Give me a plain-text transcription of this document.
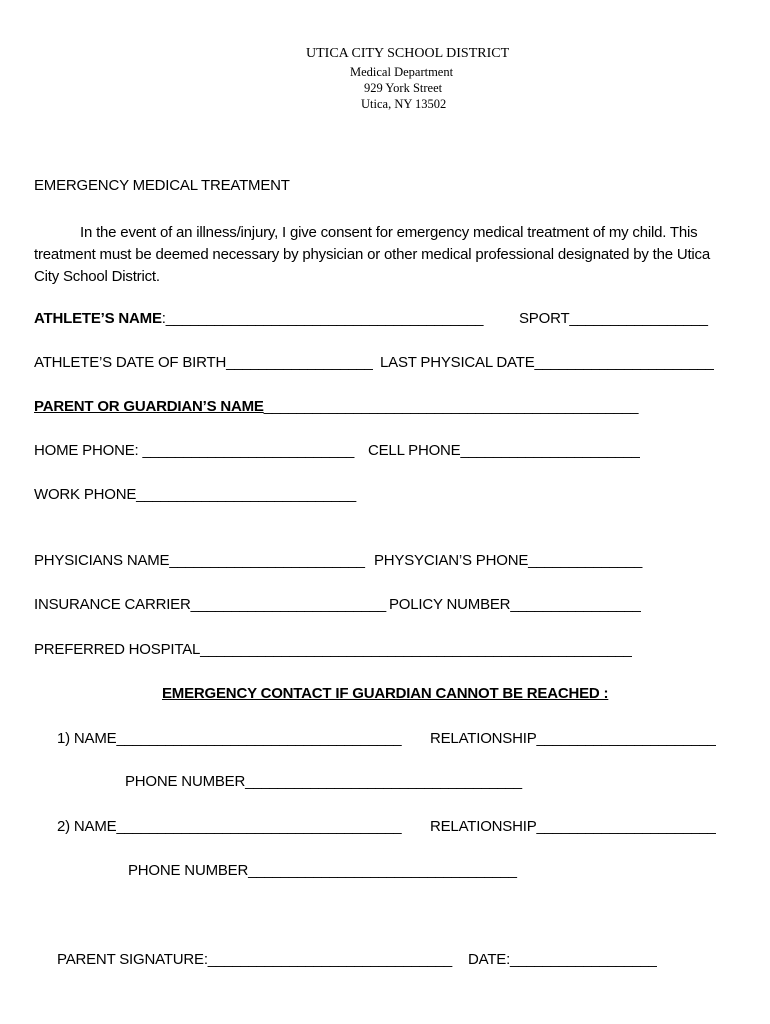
UTICA CITY SCHOOL DISTRICT
Medical Department
929 York Street
Utica, NY 13502
EMERGENCY MEDICAL TREATMENT
In the event of an illness/injury, I give consent for emergency medical treatment of my child. This treatment must be deemed necessary by physician or other medical professional designated by the Utica City School District.
ATHLETE’S NAME:_______________________________________ SPORT_________________
ATHLETE’S DATE OF BIRTH__________________ LAST PHYSICAL DATE______________________
PARENT OR GUARDIAN’S NAME______________________________________________
HOME PHONE: __________________________ CELL PHONE______________________
WORK PHONE___________________________
PHYSICIANS NAME________________________ PHYSYCIAN’S PHONE______________
INSURANCE CARRIER________________________ POLICY NUMBER________________
PREFERRED HOSPITAL_____________________________________________________
EMERGENCY CONTACT IF GUARDIAN CANNOT BE REACHED :
1) NAME___________________________________ RELATIONSHIP______________________
PHONE NUMBER__________________________________
2) NAME___________________________________ RELATIONSHIP______________________
PHONE NUMBER_________________________________
PARENT SIGNATURE:______________________________ DATE:__________________
